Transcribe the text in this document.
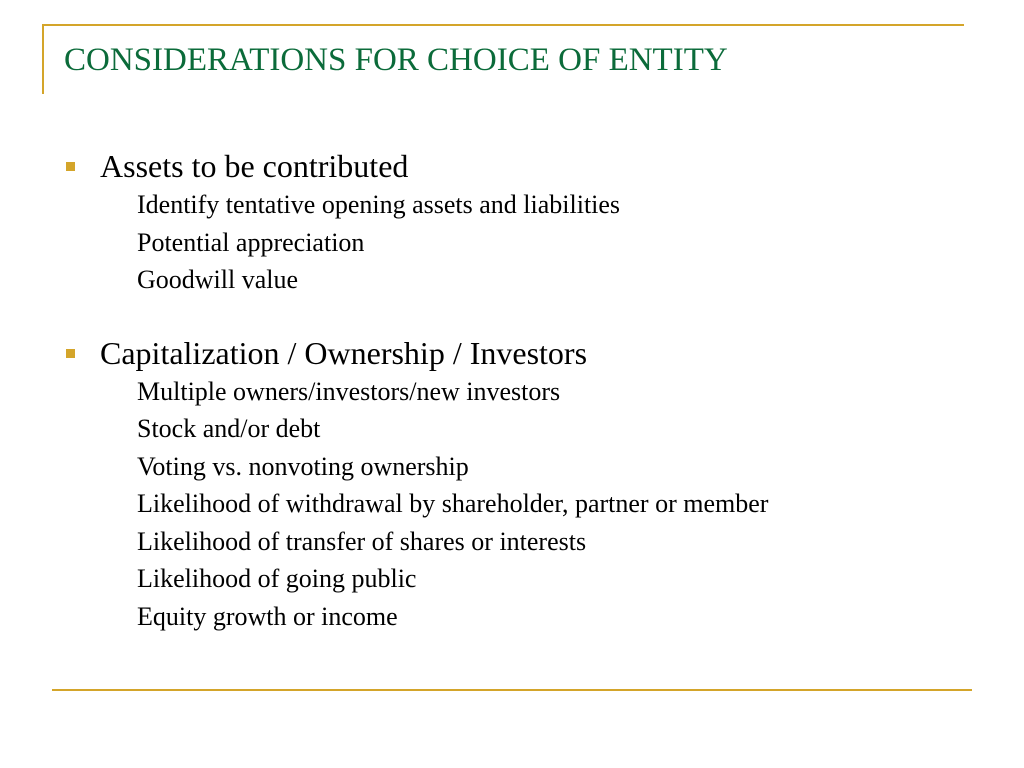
CONSIDERATIONS FOR CHOICE OF ENTITY
Assets to be contributed
Identify tentative opening assets and liabilities
Potential appreciation
Goodwill value
Capitalization / Ownership / Investors
Multiple owners/investors/new investors
Stock and/or debt
Voting vs. nonvoting ownership
Likelihood of withdrawal by shareholder, partner or member
Likelihood of transfer of shares or interests
Likelihood of going public
Equity growth or income
